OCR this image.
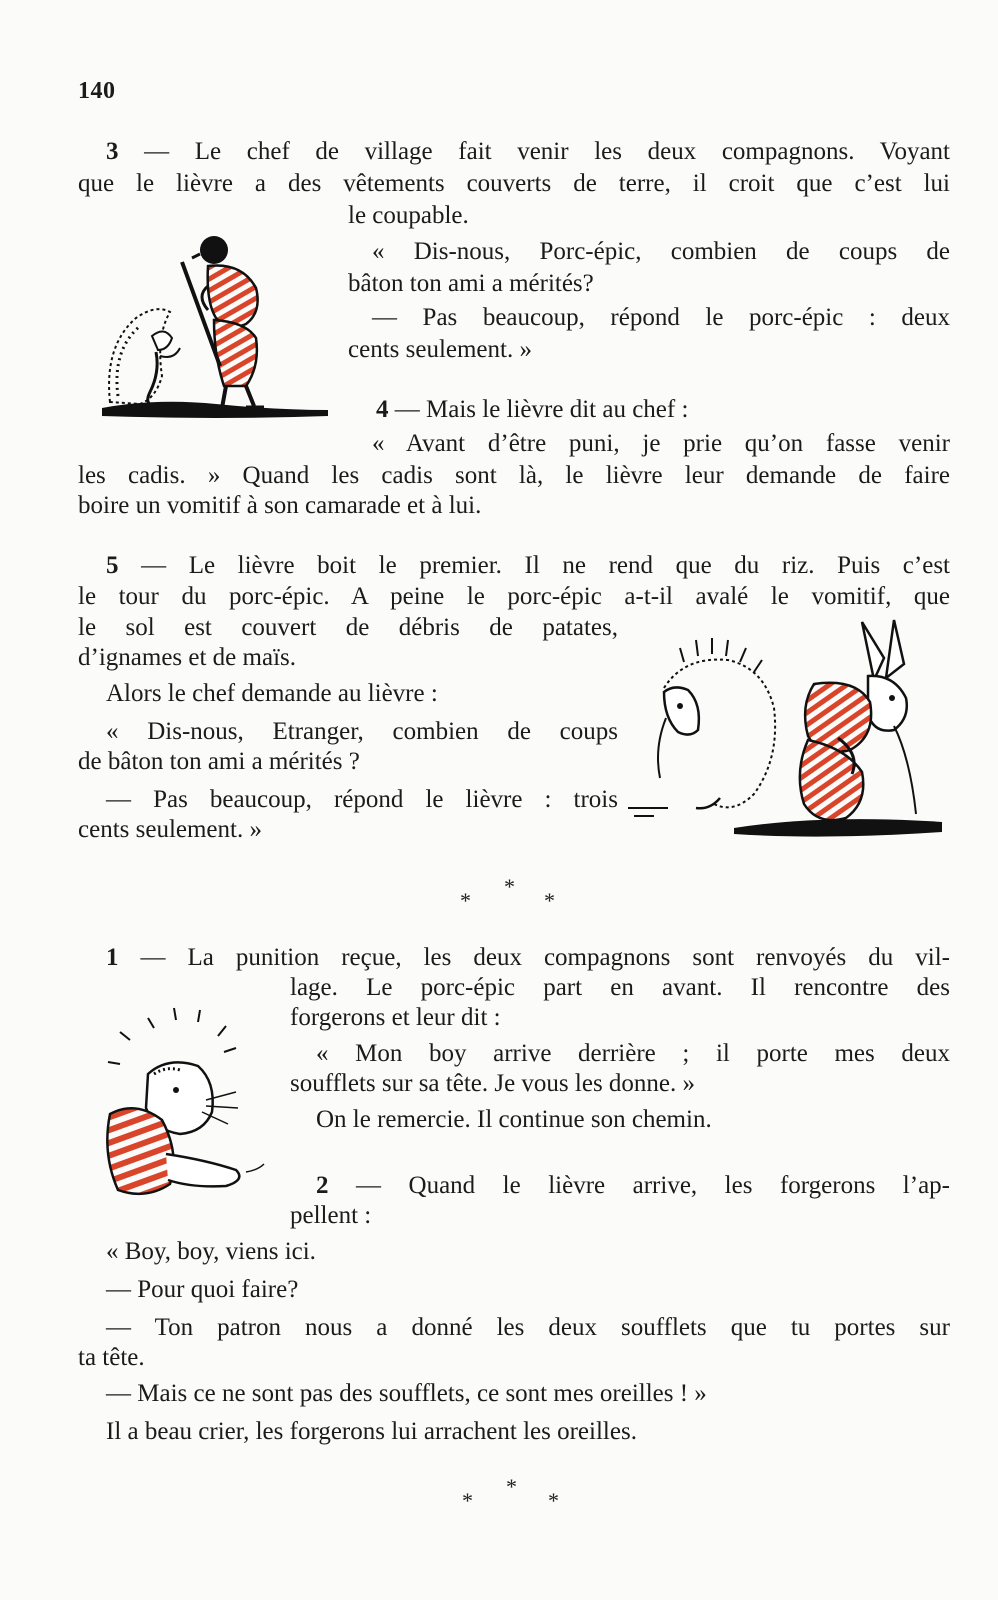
140
3 — Le chef de village fait venir les deux compagnons. Voyant
que le lièvre a des vêtements couverts de terre, il croit que c’est lui
le coupable.
« Dis-nous, Porc-épic, combien de coups de
bâton ton ami a mérités?
— Pas beaucoup, répond le porc-épic : deux
cents seulement. »
4 — Mais le lièvre dit au chef :
« Avant d’être puni, je prie qu’on fasse venir
les cadis. » Quand les cadis sont là, le lièvre leur demande de faire
boire un vomitif à son camarade et à lui.
5 — Le lièvre boit le premier. Il ne rend que du riz. Puis c’est
le tour du porc-épic. A peine le porc-épic a-t-il avalé le vomitif, que
le sol est couvert de débris de patates,
d’ignames et de maïs.
Alors le chef demande au lièvre :
« Dis-nous, Etranger, combien de coups
de bâton ton ami a mérités ?
— Pas beaucoup, répond le lièvre : trois
cents seulement. »
*
*	*
1 — La punition reçue, les deux compagnons sont renvoyés du vil-
lage. Le porc-épic part en avant. Il rencontre des
forgerons et leur dit :
« Mon boy arrive derrière ; il porte mes deux
soufflets sur sa tête. Je vous les donne. »
On le remercie. Il continue son chemin.
2 — Quand le lièvre arrive, les forgerons l’ap-
pellent :
« Boy, boy, viens ici.
— Pour quoi faire?
— Ton patron nous a donné les deux soufflets que tu portes sur
ta tête.
— Mais ce ne sont pas des soufflets, ce sont mes oreilles ! »
Il a beau crier, les forgerons lui arrachent les oreilles.
*
*	*
